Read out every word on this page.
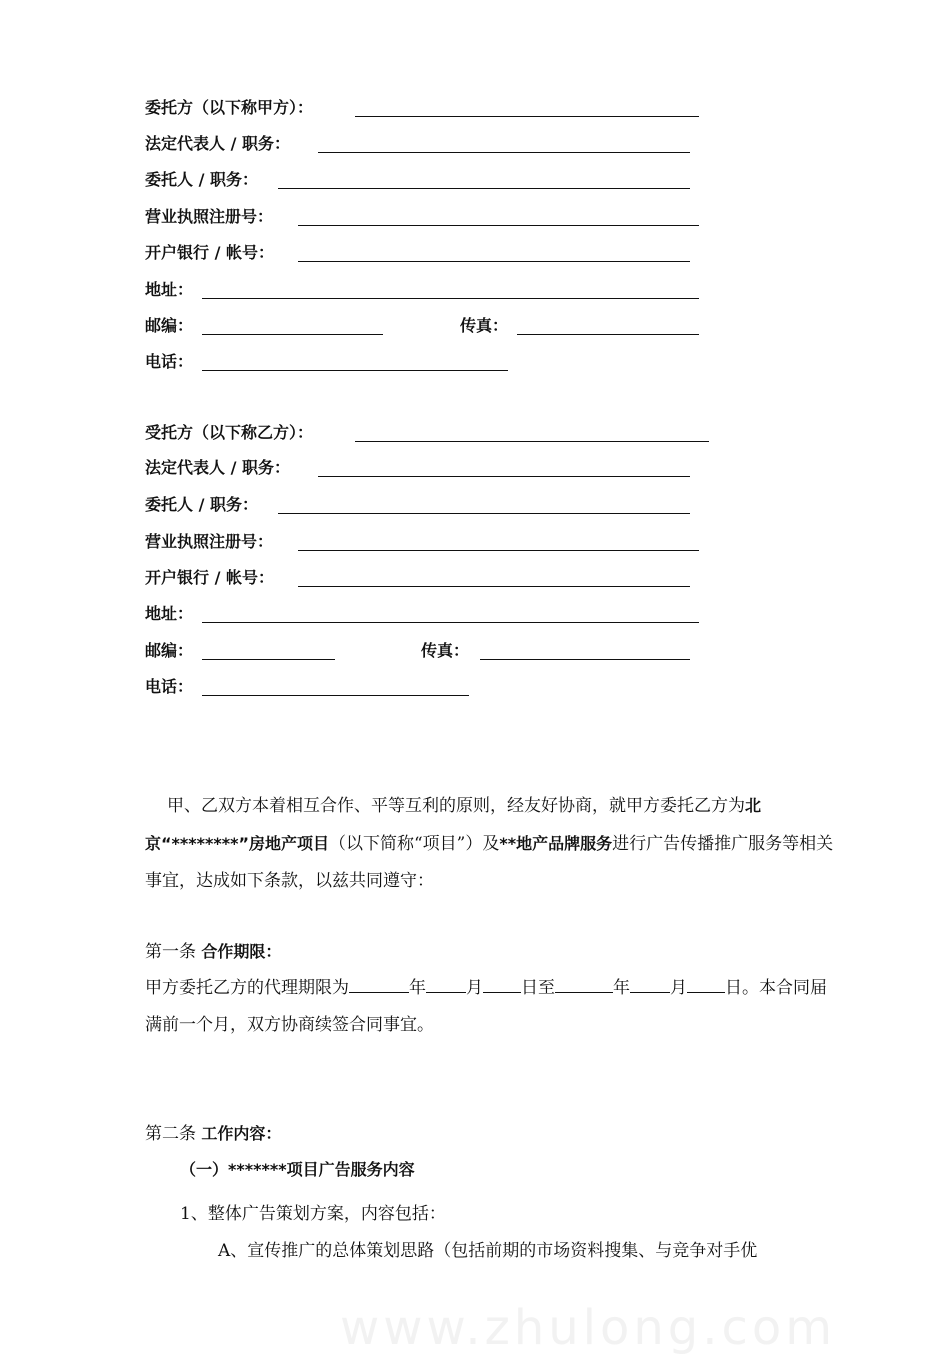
委托方（以下称甲方）：
法定代表人 / 职务：
委托人 / 职务：
营业执照注册号：
开户银行 / 帐号：
地址：
邮编：	传真：
电话：
受托方（以下称乙方）：
法定代表人 / 职务：
委托人 / 职务：
营业执照注册号：
开户银行 / 帐号：
地址：
邮编：	传真：
电话：
甲、乙双方本着相互合作、平等互利的原则，经友好协商，就甲方委托乙方为北京“********”房地产项目（以下简称“项目”）及**地产品牌服务进行广告传播推广服务等相关事宜，达成如下条款，以兹共同遵守：
第一条 合作期限：
甲方委托乙方的代理期限为	年 月 日至	年 月 日。本合同届满前一个月，双方协商续签合同事宜。
第二条 工作内容：
（一）*******项目广告服务内容
1、整体广告策划方案，内容包括：
A、宣传推广的总体策划思路（包括前期的市场资料搜集、与竞争对手优
www.zhulong.com
